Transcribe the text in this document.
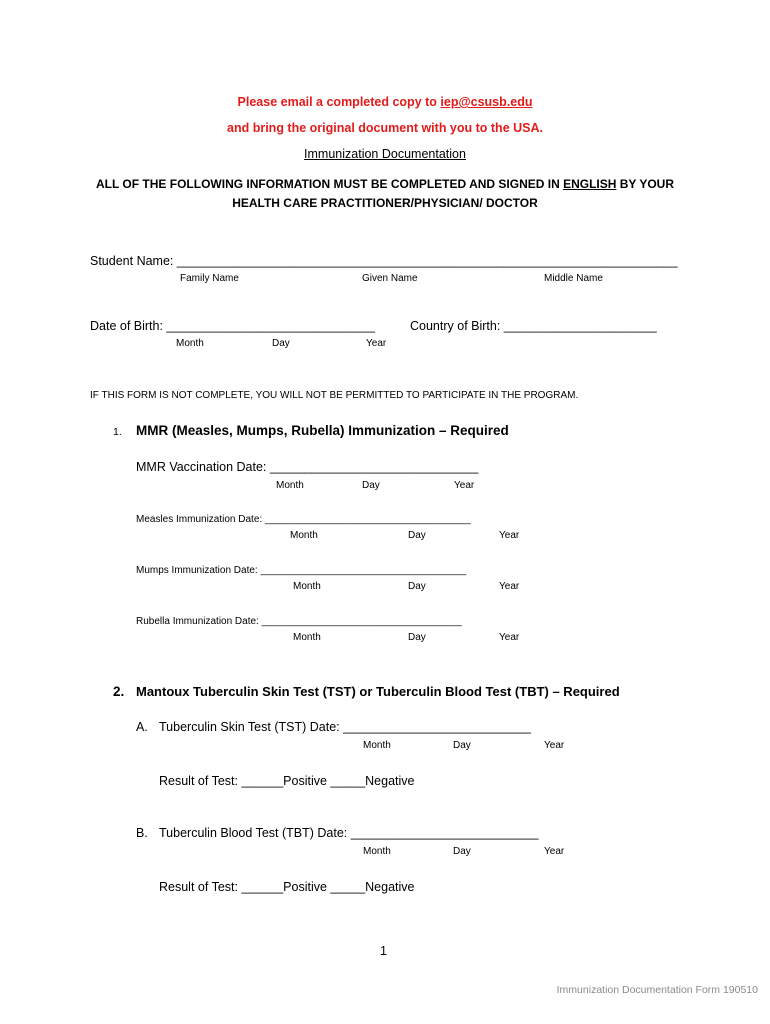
Please email a completed copy to iep@csusb.edu
and bring the original document with you to the USA.
Immunization Documentation
ALL OF THE FOLLOWING INFORMATION MUST BE COMPLETED AND SIGNED IN ENGLISH BY YOUR
HEALTH CARE PRACTITIONER/PHYSICIAN/ DOCTOR
Student Name: ________________________________________________________________________
Family Name	Given Name	Middle Name
Date of Birth: ______________________________	Country of Birth: ______________________
Month	Day	Year
IF THIS FORM IS NOT COMPLETE, YOU WILL NOT BE PERMITTED TO PARTICIPATE IN THE PROGRAM.
1. MMR (Measles, Mumps, Rubella) Immunization – Required
MMR Vaccination Date: ______________________________
Month	Day	Year
Measles Immunization Date: _____________________________________
Month	Day	Year
Mumps Immunization Date: _____________________________________
Month	Day	Year
Rubella Immunization Date: ____________________________________
Month	Day	Year
2. Mantoux Tuberculin Skin Test (TST) or Tuberculin Blood Test (TBT) – Required
A. Tuberculin Skin Test (TST) Date: ___________________________
Month	Day	Year
Result of Test: ______Positive _____Negative
B. Tuberculin Blood Test (TBT) Date: ___________________________
Month	Day	Year
Result of Test: ______Positive _____Negative
1
Immunization Documentation Form 190510
